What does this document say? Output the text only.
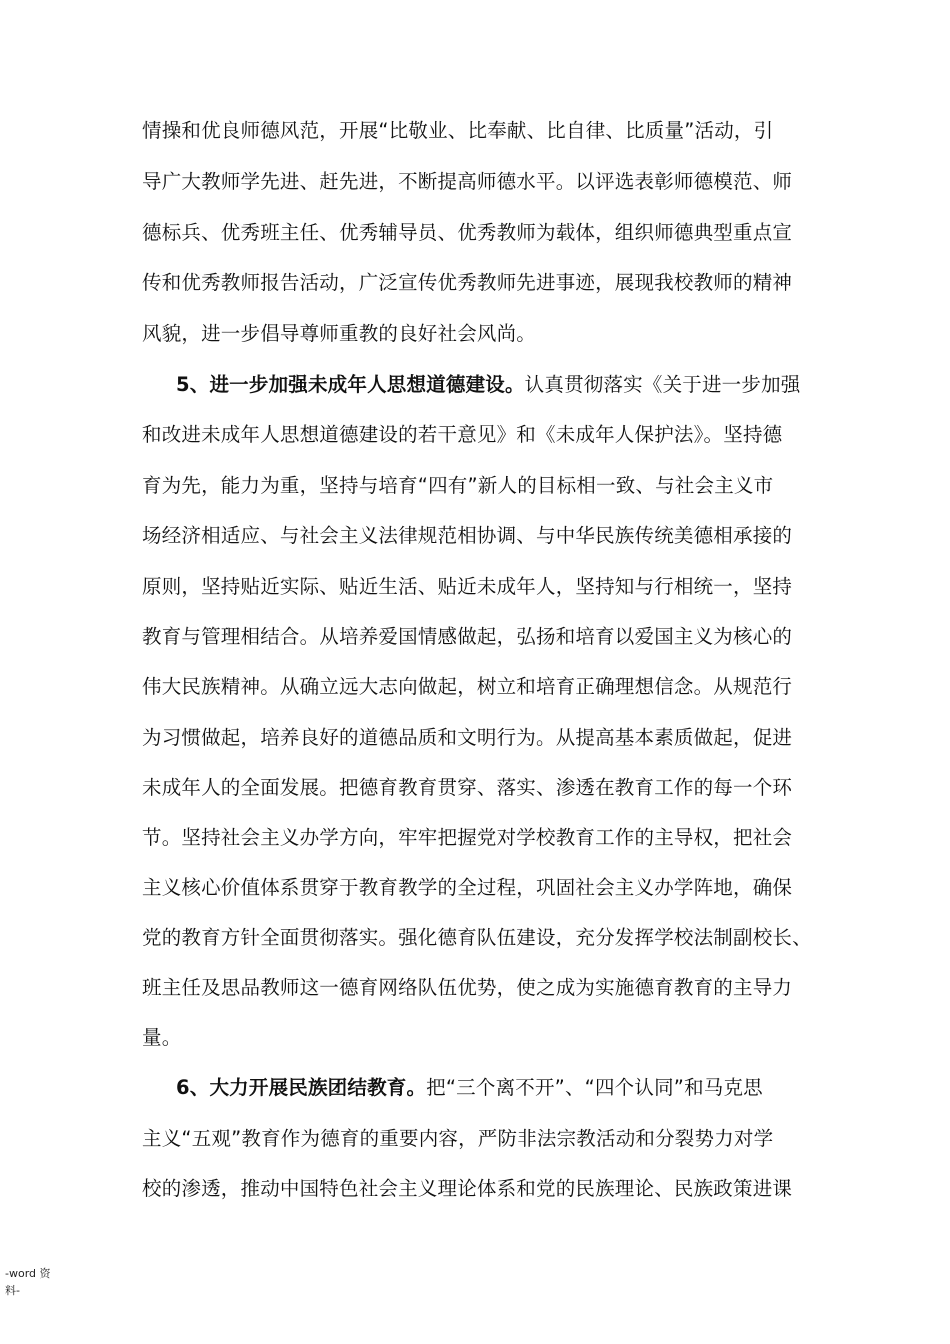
情操和优良师德风范，开展“比敬业、比奉献、比自律、比质量”活动，引
导广大教师学先进、赶先进，不断提高师德水平。以评选表彰师德模范、师
德标兵、优秀班主任、优秀辅导员、优秀教师为载体，组织师德典型重点宣
传和优秀教师报告活动，广泛宣传优秀教师先进事迹，展现我校教师的精神
风貌，进一步倡导尊师重教的良好社会风尚。
5、进一步加强未成年人思想道德建设。认真贯彻落实《关于进一步加强
和改进未成年人思想道德建设的若干意见》和《未成年人保护法》。坚持德
育为先，能力为重，坚持与培育“四有”新人的目标相一致、与社会主义市
场经济相适应、与社会主义法律规范相协调、与中华民族传统美德相承接的
原则，坚持贴近实际、贴近生活、贴近未成年人，坚持知与行相统一，坚持
教育与管理相结合。从培养爱国情感做起，弘扬和培育以爱国主义为核心的
伟大民族精神。从确立远大志向做起，树立和培育正确理想信念。从规范行
为习惯做起，培养良好的道德品质和文明行为。从提高基本素质做起，促进
未成年人的全面发展。把德育教育贯穿、落实、渗透在教育工作的每一个环
节。坚持社会主义办学方向，牢牢把握党对学校教育工作的主导权，把社会
主义核心价值体系贯穿于教育教学的全过程，巩固社会主义办学阵地，确保
党的教育方针全面贯彻落实。强化德育队伍建设，充分发挥学校法制副校长、
班主任及思品教师这一德育网络队伍优势，使之成为实施德育教育的主导力
量。
6、大力开展民族团结教育。把“三个离不开”、“四个认同”和马克思
主义“五观”教育作为德育的重要内容，严防非法宗教活动和分裂势力对学
校的渗透，推动中国特色社会主义理论体系和党的民族理论、民族政策进课
-word 资
料-
